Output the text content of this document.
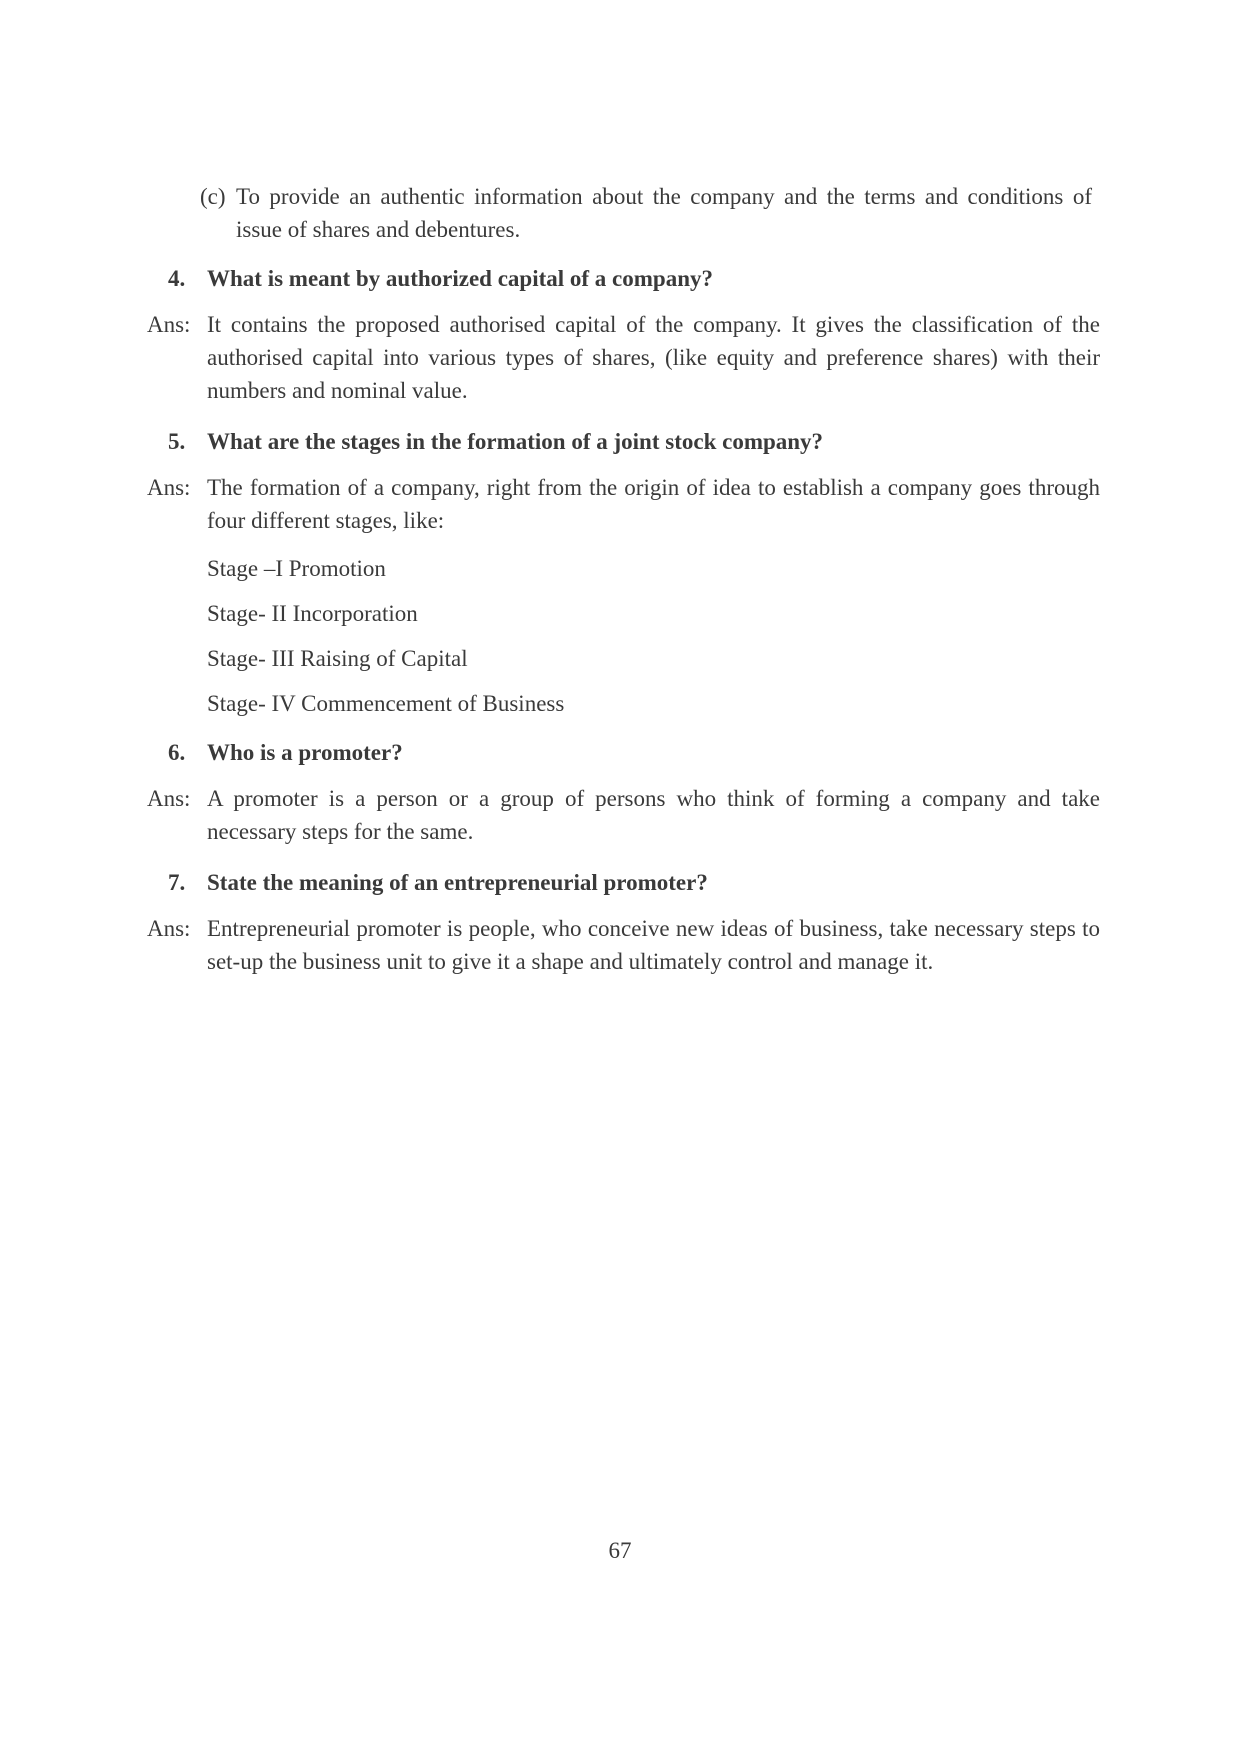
(c) To provide an authentic information about the company and the terms and conditions of issue of shares and debentures.
4. What is meant by authorized capital of a company?
Ans: It contains the proposed authorised capital of the company. It gives the classification of the authorised capital into various types of shares, (like equity and preference shares) with their numbers and nominal value.
5. What are the stages in the formation of a joint stock company?
Ans: The formation of a company, right from the origin of idea to establish a company goes through four different stages, like:
Stage –I Promotion
Stage- II Incorporation
Stage- III Raising of Capital
Stage- IV Commencement of Business
6. Who is a promoter?
Ans: A promoter is a person or a group of persons who think of forming a company and take necessary steps for the same.
7. State the meaning of an entrepreneurial promoter?
Ans: Entrepreneurial promoter is people, who conceive new ideas of business, take necessary steps to set-up the business unit to give it a shape and ultimately control and manage it.
67
